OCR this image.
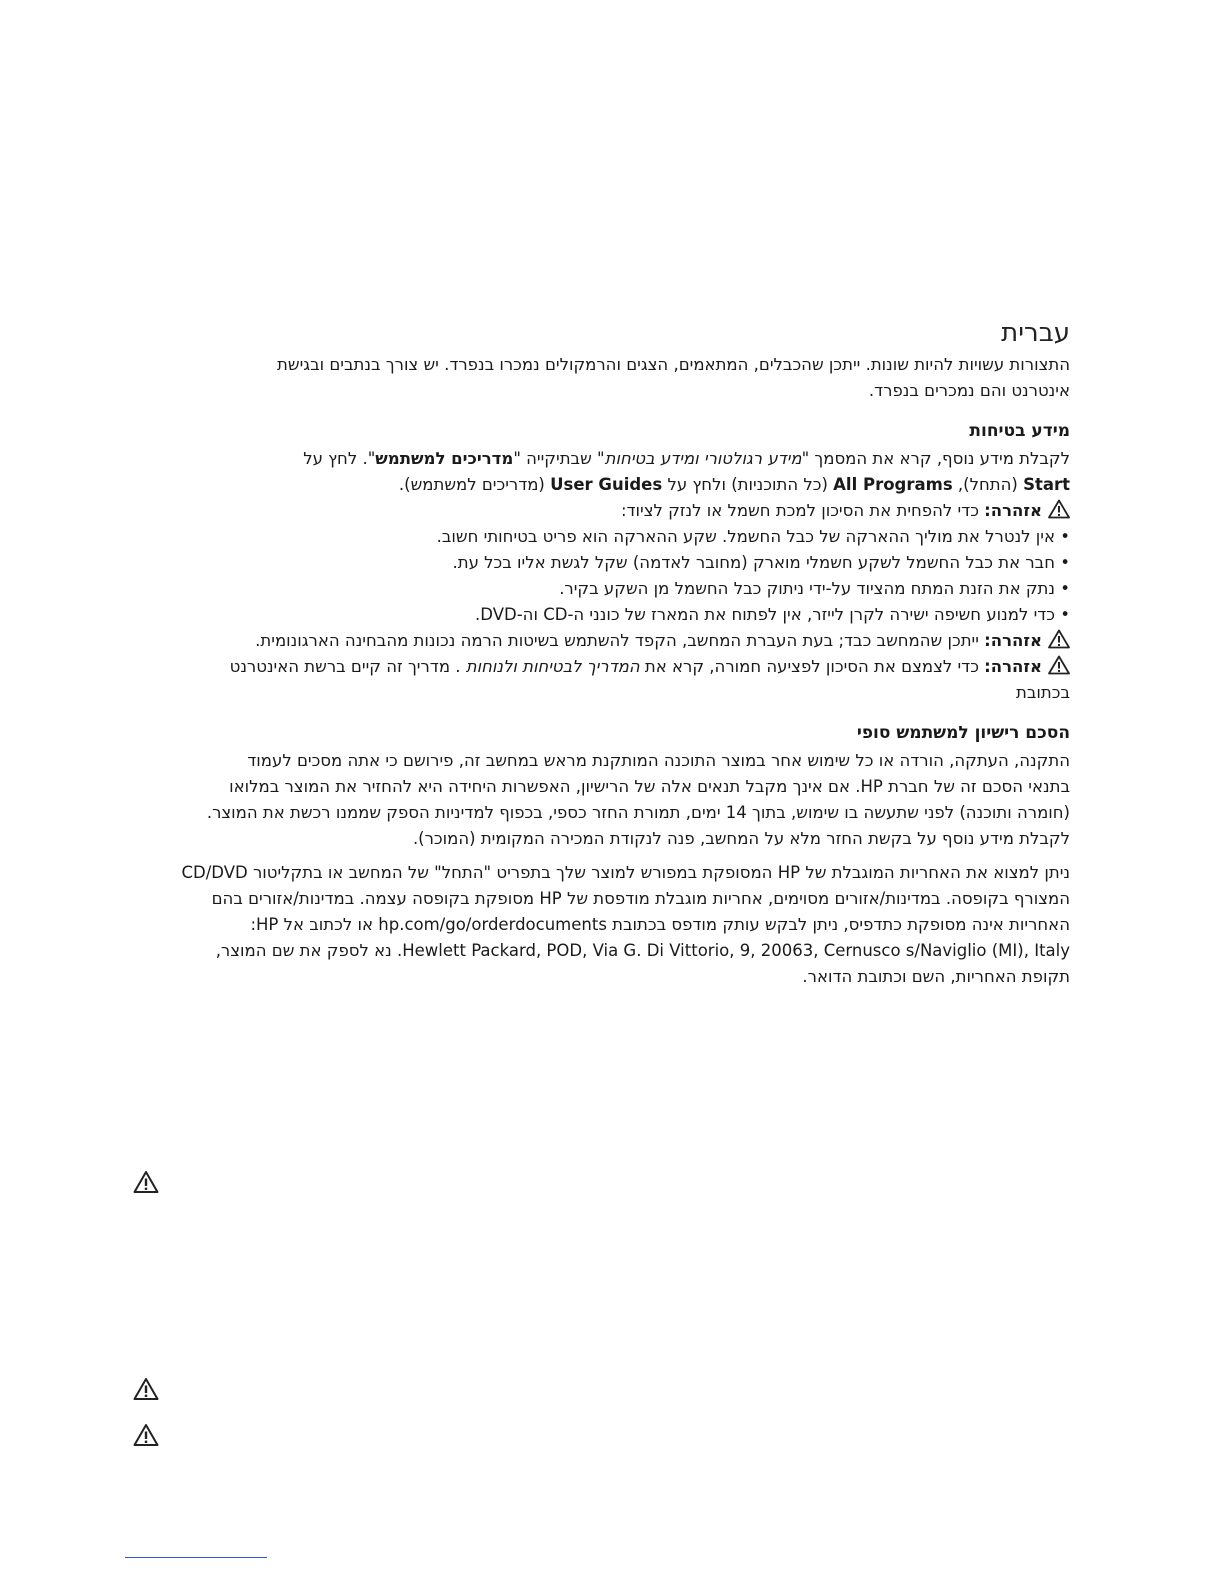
עברית

התצורות עשויות להיות שונות. ייתכן שהכבלים, המתאמים, הצגים והרמקולים נמכרו בנפרד. יש צורך בנתבים ובגישת

אינטרנט והם נמכרים בנפרד.

מידע בטיחות

לקבלת מידע נוסף, קרא את המסמך "מידע רגולטורי ומידע בטיחות" שבתיקייה "מדריכים למשתמש". לחץ על

Start (התחל), All Programs (כל התוכניות) ולחץ על User Guides (מדריכים למשתמש).

אזהרה: כדי להפחית את הסיכון למכת חשמל או לנזק לציוד:
• אין לנטרל את מוליך ההארקה של כבל החשמל. שקע ההארקה הוא פריט בטיחותי חשוב.
• חבר את כבל החשמל לשקע חשמלי מוארק (מחובר לאדמה) שקל לגשת אליו בכל עת.
• נתק את הזנת המתח מהציוד על-ידי ניתוק כבל החשמל מן השקע בקיר.
• כדי למנוע חשיפה ישירה לקרן לייזר, אין לפתוח את המארז של כונני ה-CD וה-DVD.
אזהרה: ייתכן שהמחשב כבד; בעת העברת המחשב, הקפד להשתמש בשיטות הרמה נכונות מהבחינה הארגונומית.
אזהרה: כדי לצמצם את הסיכון לפציעה חמורה, קרא את המדריך לבטיחות ולנוחות . מדריך זה קיים ברשת האינטרנט

בכתובת

הסכם רישיון למשתמש סופי

התקנה, העתקה, הורדה או כל שימוש אחר במוצר התוכנה המותקנת מראש במחשב זה, פירושם כי אתה מסכים לעמוד

בתנאי הסכם זה של חברת HP. אם אינך מקבל תנאים אלה של הרישיון, האפשרות היחידה היא להחזיר את המוצר במלואו

(חומרה ותוכנה) לפני שתעשה בו שימוש, בתוך 14 ימים, תמורת החזר כספי, בכפוף למדיניות הספק שממנו רכשת את המוצר.

לקבלת מידע נוסף על בקשת החזר מלא על המחשב, פנה לנקודת המכירה המקומית (המוכר).

ניתן למצוא את האחריות המוגבלת של HP המסופקת במפורש למוצר שלך בתפריט "התחל" של המחשב או בתקליטור CD/DVD

המצורף בקופסה. במדינות/אזורים מסוימים, אחריות מוגבלת מודפסת של HP מסופקת בקופסה עצמה. במדינות/אזורים בהם

האחריות אינה מסופקת כתדפיס, ניתן לבקש עותק מודפס בכתובת hp.com/go/orderdocuments או לכתוב אל HP:

Hewlett Packard, POD, Via G. Di Vittorio, 9, 20063, Cernusco s/Naviglio (MI), Italy. נא לספק את שם המוצר,

תקופת האחריות, השם וכתובת הדואר.
